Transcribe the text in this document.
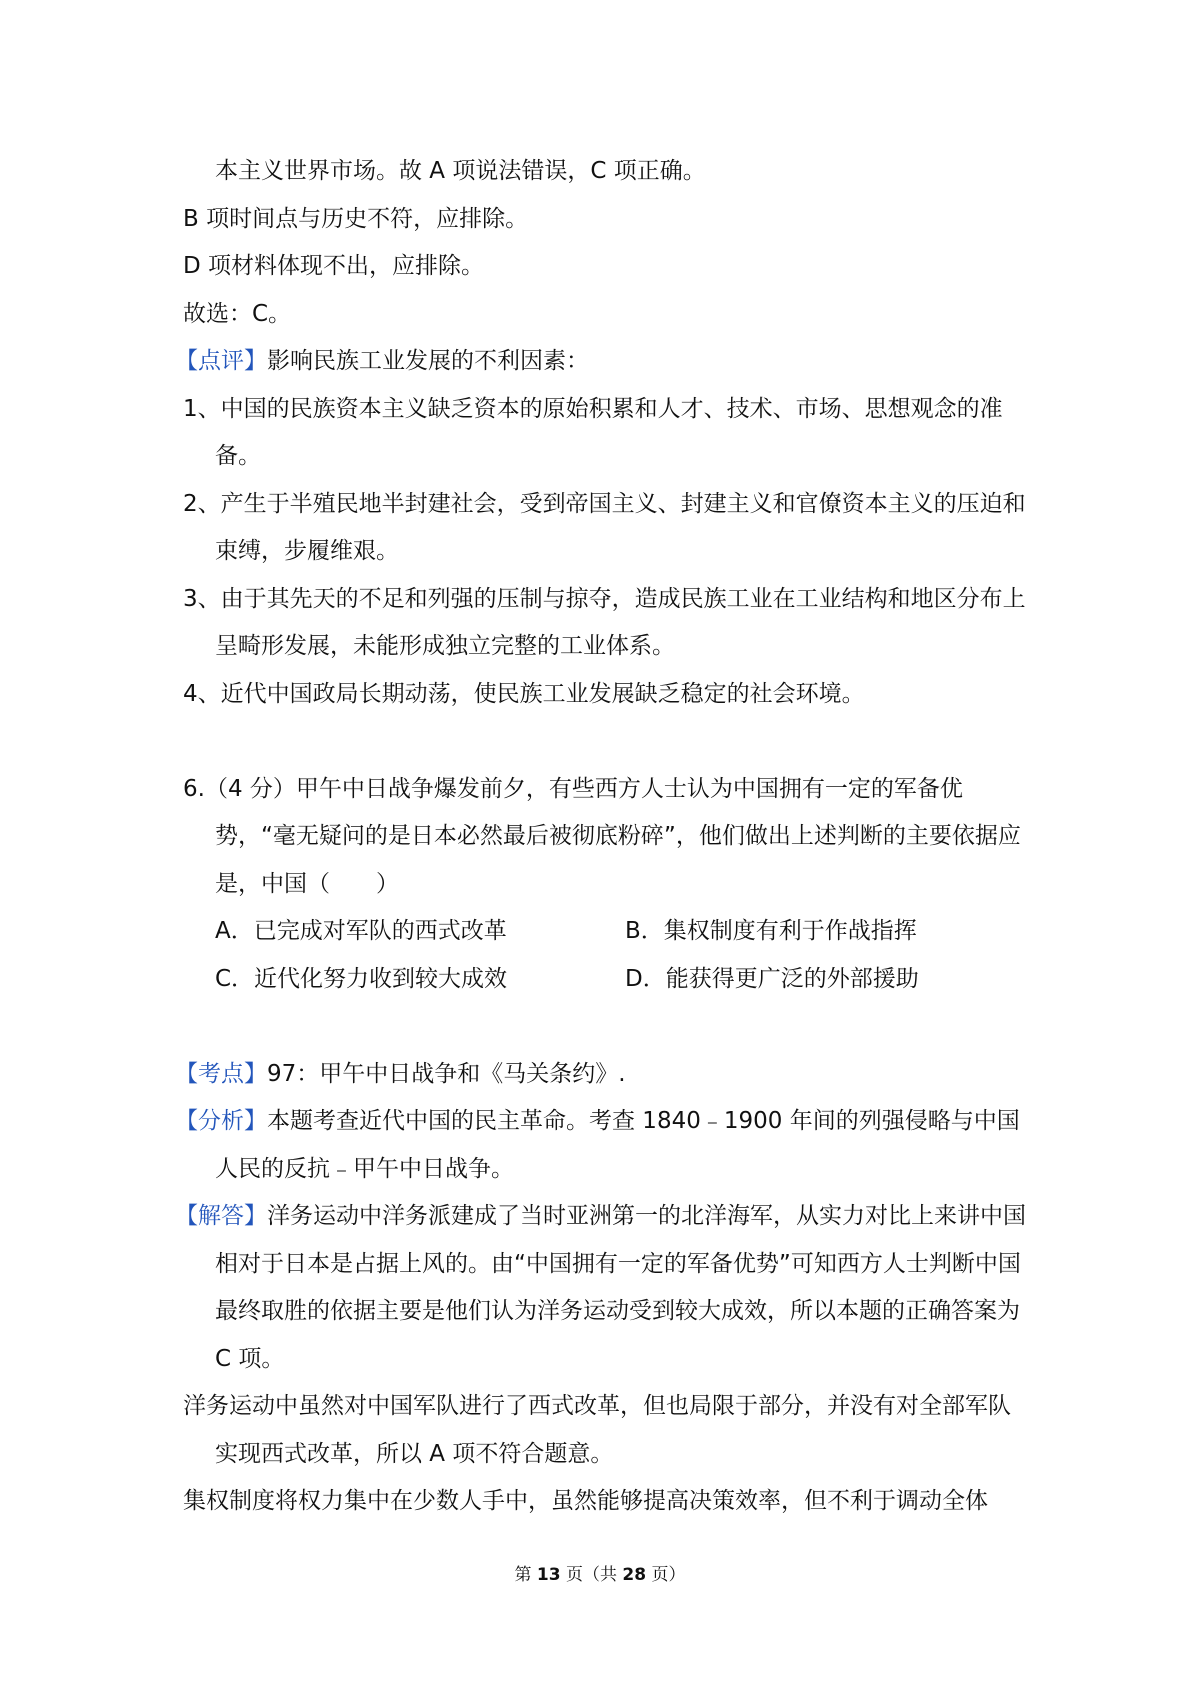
本主义世界市场。故 A 项说法错误，C 项正确。

B 项时间点与历史不符，应排除。

D 项材料体现不出，应排除。

故选：C。

【点评】影响民族工业发展的不利因素：

1、中国的民族资本主义缺乏资本的原始积累和人才、技术、市场、思想观念的准备。

2、产生于半殖民地半封建社会，受到帝国主义、封建主义和官僚资本主义的压迫和束缚，步履维艰。

3、由于其先天的不足和列强的压制与掠夺，造成民族工业在工业结构和地区分布上呈畸形发展，未能形成独立完整的工业体系。

4、近代中国政局长期动荡，使民族工业发展缺乏稳定的社会环境。

6.（4 分）甲午中日战争爆发前夕，有些西方人士认为中国拥有一定的军备优势，“毫无疑问的是日本必然最后被彻底粉碎”，他们做出上述判断的主要依据应是，中国（　　）

A．已完成对军队的西式改革	B．集权制度有利于作战指挥
C．近代化努力收到较大成效	D．能获得更广泛的外部援助

【考点】97：甲午中日战争和《马关条约》.

【分析】本题考查近代中国的民主革命。考查 1840﹣1900 年间的列强侵略与中国人民的反抗﹣甲午中日战争。

【解答】洋务运动中洋务派建成了当时亚洲第一的北洋海军，从实力对比上来讲中国相对于日本是占据上风的。由“中国拥有一定的军备优势”可知西方人士判断中国最终取胜的依据主要是他们认为洋务运动受到较大成效，所以本题的正确答案为 C 项。

洋务运动中虽然对中国军队进行了西式改革，但也局限于部分，并没有对全部军队实现西式改革，所以 A 项不符合题意。

集权制度将权力集中在少数人手中，虽然能够提高决策效率，但不利于调动全体

第 13 页（共 28 页）
